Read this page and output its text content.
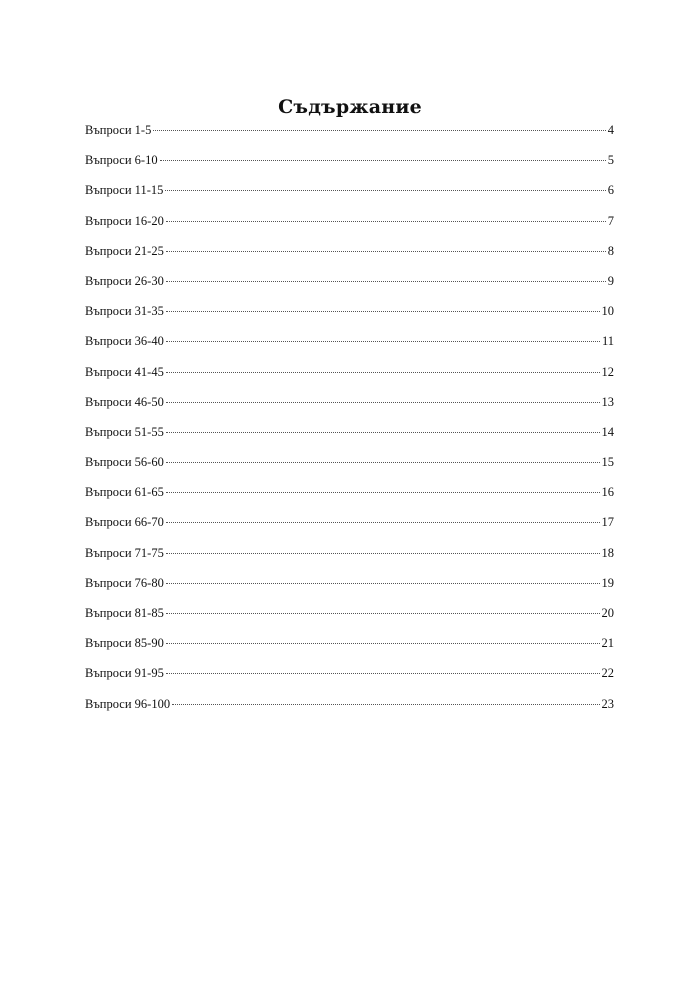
Съдържание
Въпроси 1-5	4
Въпроси 6-10	5
Въпроси 11-15	6
Въпроси 16-20	7
Въпроси 21-25	8
Въпроси 26-30	9
Въпроси 31-35	10
Въпроси 36-40	11
Въпроси 41-45	12
Въпроси 46-50	13
Въпроси 51-55	14
Въпроси 56-60	15
Въпроси 61-65	16
Въпроси 66-70	17
Въпроси 71-75	18
Въпроси 76-80	19
Въпроси 81-85	20
Въпроси 85-90	21
Въпроси 91-95	22
Въпроси 96-100	23
